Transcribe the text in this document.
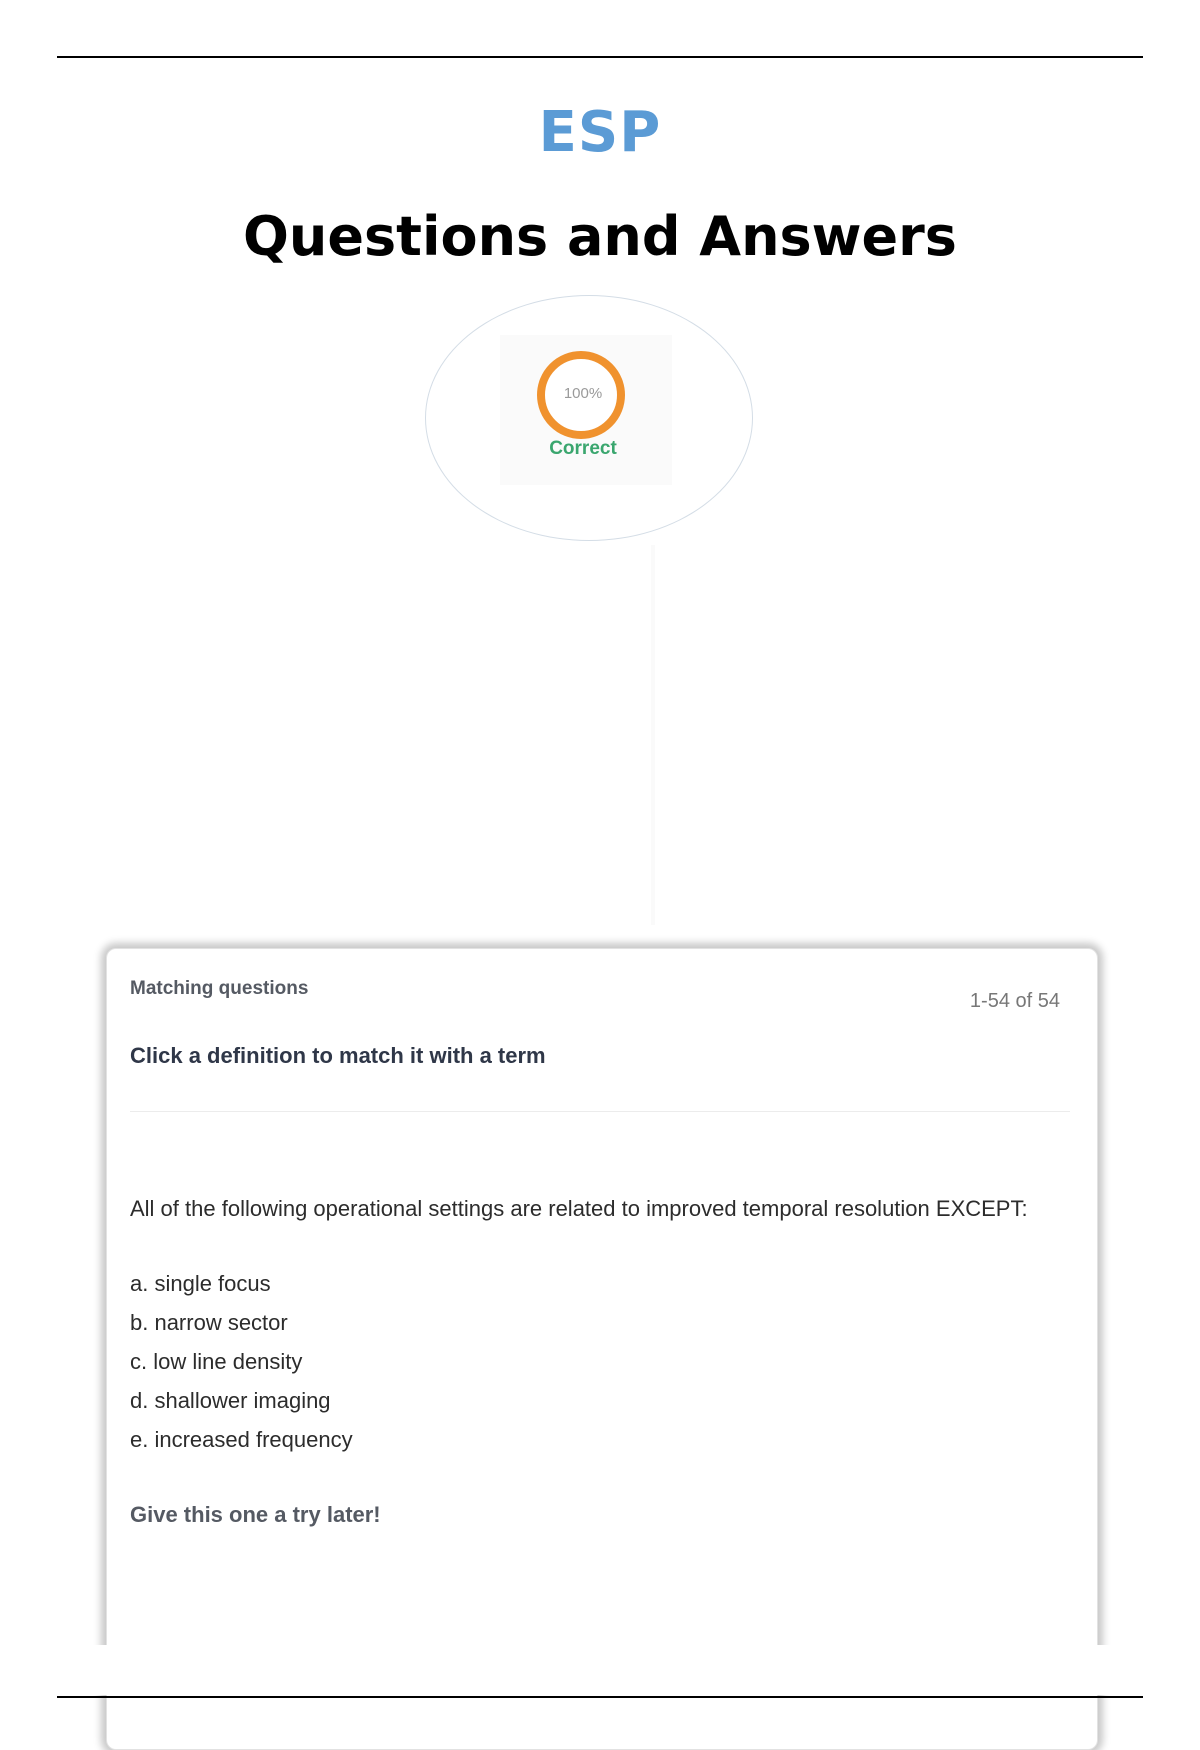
ESP
Questions and Answers
100%
Correct
Matching questions
1-54 of 54
Click a definition to match it with a term
All of the following operational settings are related to improved temporal resolution EXCEPT:
a. single focus
b. narrow sector
c. low line density
d. shallower imaging
e. increased frequency
Give this one a try later!
